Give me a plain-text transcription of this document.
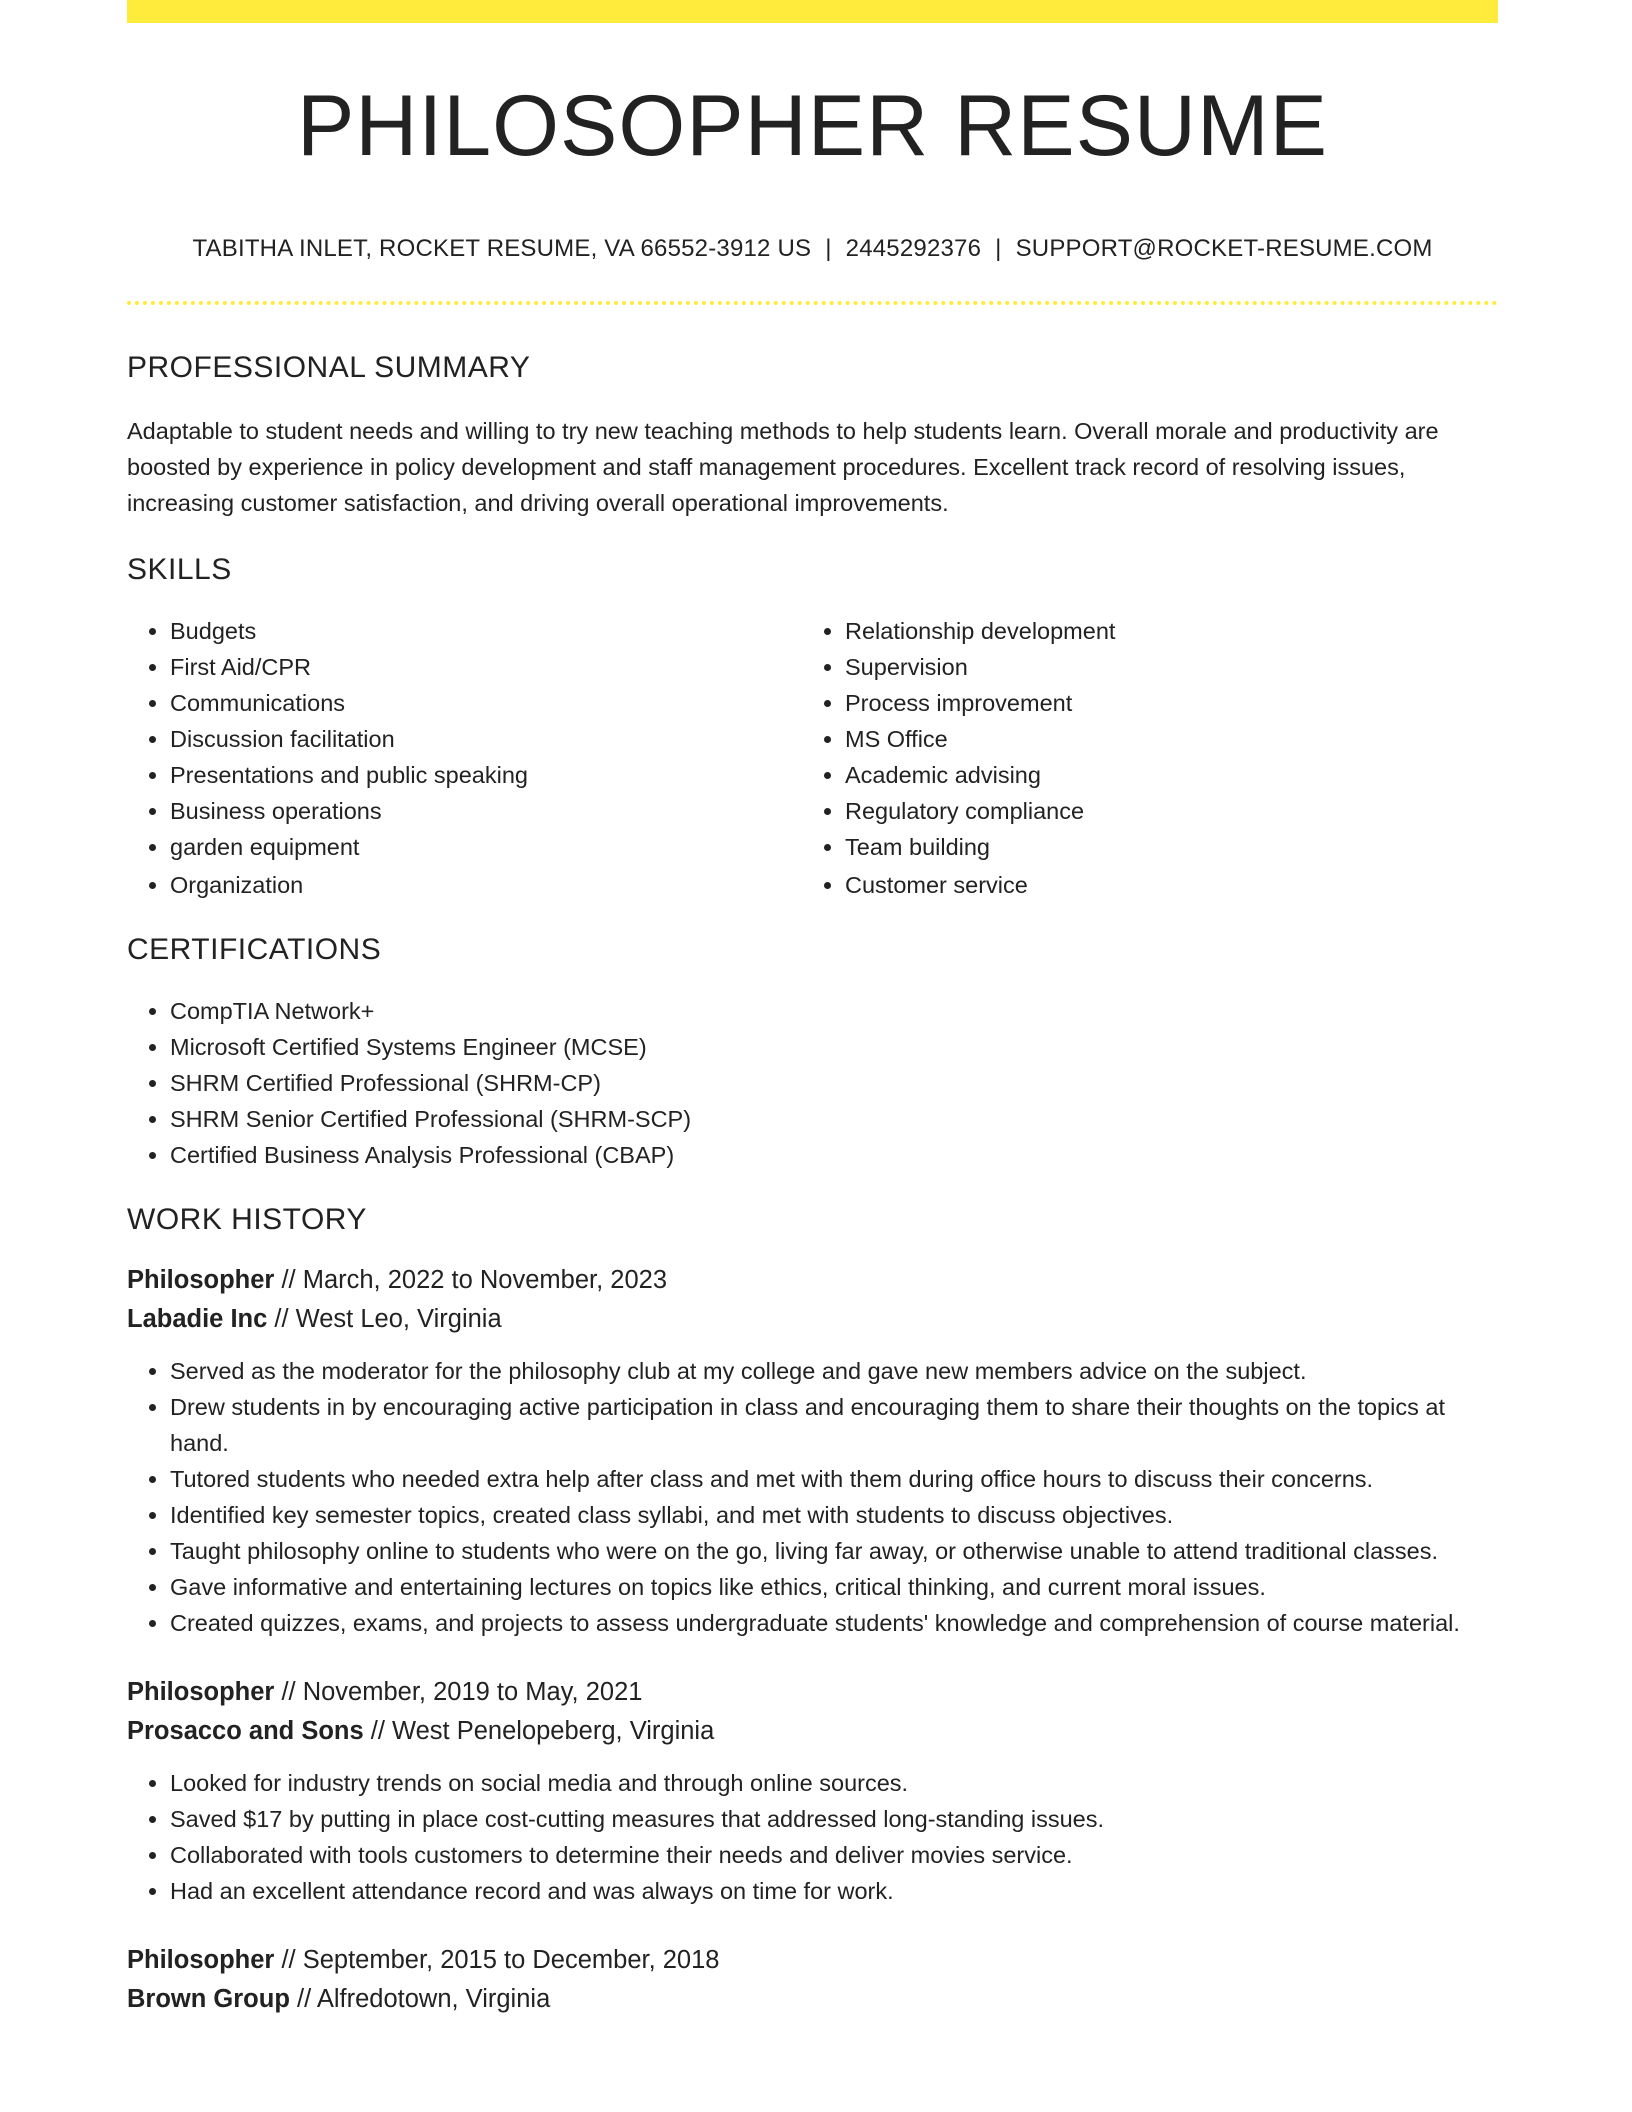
PHILOSOPHER RESUME
TABITHA INLET, ROCKET RESUME, VA 66552-3912 US | 2445292376 | SUPPORT@ROCKET-RESUME.COM
PROFESSIONAL SUMMARY
Adaptable to student needs and willing to try new teaching methods to help students learn. Overall morale and productivity are boosted by experience in policy development and staff management procedures. Excellent track record of resolving issues, increasing customer satisfaction, and driving overall operational improvements.
SKILLS
• Budgets
• First Aid/CPR
• Communications
• Discussion facilitation
• Presentations and public speaking
• Business operations
• garden equipment
• Organization
• Relationship development
• Supervision
• Process improvement
• MS Office
• Academic advising
• Regulatory compliance
• Team building
• Customer service
CERTIFICATIONS
• CompTIA Network+
• Microsoft Certified Systems Engineer (MCSE)
• SHRM Certified Professional (SHRM-CP)
• SHRM Senior Certified Professional (SHRM-SCP)
• Certified Business Analysis Professional (CBAP)
WORK HISTORY
Philosopher // March, 2022 to November, 2023
Labadie Inc // West Leo, Virginia
• Served as the moderator for the philosophy club at my college and gave new members advice on the subject.
• Drew students in by encouraging active participation in class and encouraging them to share their thoughts on the topics at hand.
• Tutored students who needed extra help after class and met with them during office hours to discuss their concerns.
• Identified key semester topics, created class syllabi, and met with students to discuss objectives.
• Taught philosophy online to students who were on the go, living far away, or otherwise unable to attend traditional classes.
• Gave informative and entertaining lectures on topics like ethics, critical thinking, and current moral issues.
• Created quizzes, exams, and projects to assess undergraduate students' knowledge and comprehension of course material.
Philosopher // November, 2019 to May, 2021
Prosacco and Sons // West Penelopeberg, Virginia
• Looked for industry trends on social media and through online sources.
• Saved $17 by putting in place cost-cutting measures that addressed long-standing issues.
• Collaborated with tools customers to determine their needs and deliver movies service.
• Had an excellent attendance record and was always on time for work.
Philosopher // September, 2015 to December, 2018
Brown Group // Alfredotown, Virginia
